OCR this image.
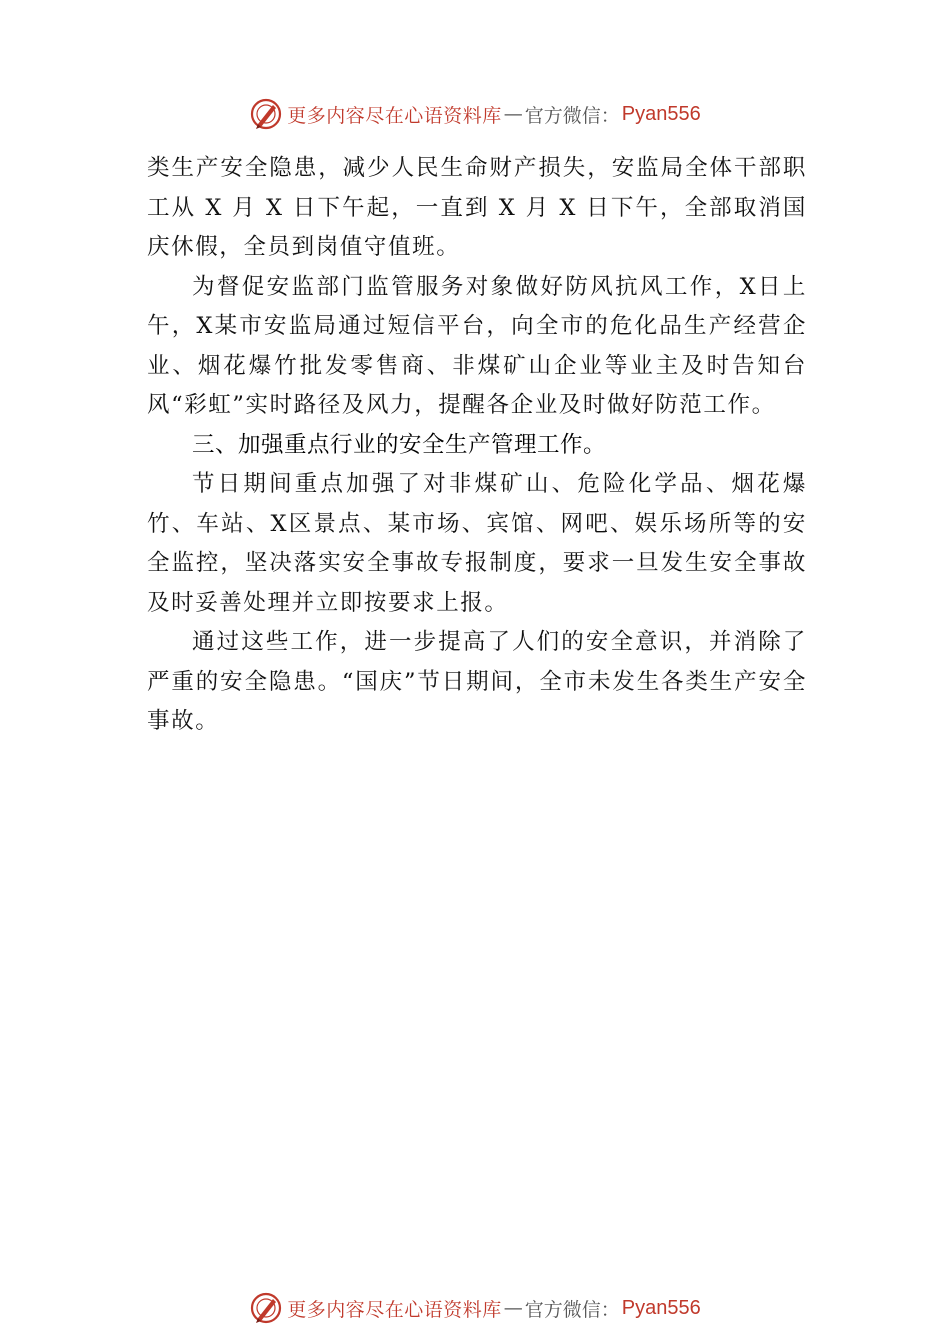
更多内容尽在心语资料库 — 官方微信： Pyan556

类生产安全隐患，减少人民生命财产损失，安监局全体干部职工从 X 月 X 日下午起，一直到 X 月 X 日下午，全部取消国庆休假，全员到岗值守值班。

为督促安监部门监管服务对象做好防风抗风工作，X日上午，X某市安监局通过短信平台，向全市的危化品生产经营企业、烟花爆竹批发零售商、非煤矿山企业等业主及时告知台风“彩虹”实时路径及风力，提醒各企业及时做好防范工作。

三、加强重点行业的安全生产管理工作。

节日期间重点加强了对非煤矿山、危险化学品、烟花爆竹、车站、X区景点、某市场、宾馆、网吧、娱乐场所等的安全监控，坚决落实安全事故专报制度，要求一旦发生安全事故及时妥善处理并立即按要求上报。

通过这些工作，进一步提高了人们的安全意识，并消除了严重的安全隐患。“国庆”节日期间，全市未发生各类生产安全事故。

更多内容尽在心语资料库 — 官方微信： Pyan556
